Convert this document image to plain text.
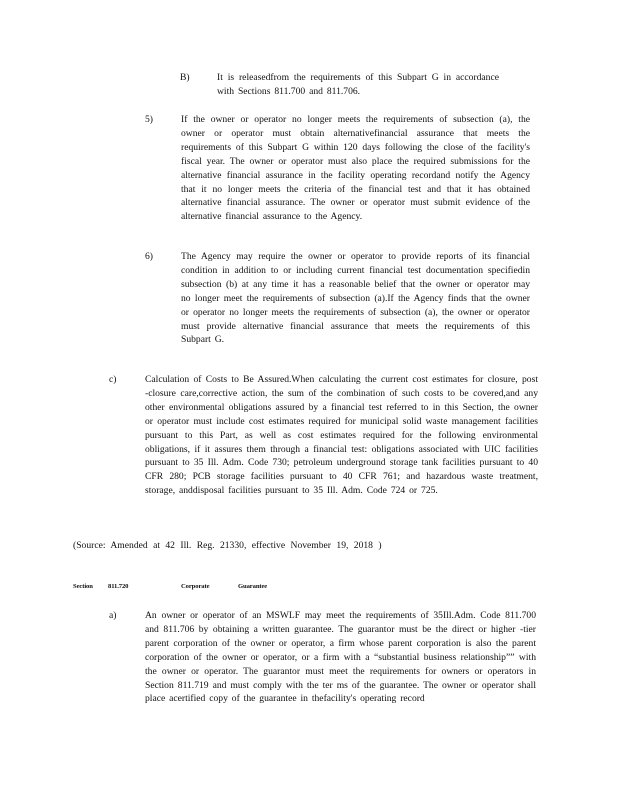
B)	It is releasedfrom the requirements of this Subpart G in accordance with Sections 811.700 and 811.706.

5)	If the owner or operator no longer meets the requirements of subsection (a), the owner or operator must obtain alternativefinancial assurance that meets the requirements of this Subpart G within 120 days following the close of the facility's fiscal year. The owner or operator must also place the required submissions for the alternative financial assurance in the facility operating recordand notify the Agency that it no longer meets the criteria of the financial test and that it has obtained alternative financial assurance. The owner or operator must submit evidence of the alternative financial assurance to the Agency.

6)	The Agency may require the owner or operator to provide reports of its financial condition in addition to or including current financial test documentation specifiedin subsection (b) at any time it has a reasonable belief that the owner or operator may no longer meet the requirements of subsection (a).If the Agency finds that the owner or operator no longer meets the requirements of subsection (a), the owner or operator must provide alternative financial assurance that meets the requirements of this Subpart G.

c)	Calculation of Costs to Be Assured.When calculating the current cost estimates for closure, post -closure care,corrective action, the sum of the combination of such costs to be covered,and any other environmental obligations assured by a financial test referred to in this Section, the owner or operator must include cost estimates required for municipal solid waste management facilities pursuant to this Part, as well as cost estimates required for the following environmental obligations, if it assures them through a financial test: obligations associated with UIC facilities pursuant to 35 Ill. Adm. Code 730; petroleum underground storage tank facilities pursuant to 40 CFR 280; PCB storage facilities pursuant to 40 CFR 761; and hazardous waste treatment, storage, anddisposal facilities pursuant to 35 Ill. Adm. Code 724 or 725.

(Source: Amended at 42 Ill. Reg. 21330, effective November 19, 2018 )
Section 811.720	Corporate	Guarantee
a)	An owner or operator of an MSWLF may meet the requirements of 35Ill.Adm. Code 811.700 and 811.706 by obtaining a written guarantee. The guarantor must be the direct or higher -tier parent corporation of the owner or operator, a firm whose parent corporation is also the parent corporation of the owner or operator, or a firm with a “substantial business relationship”” with the owner or operator. The guarantor must meet the requirements for owners or operators in Section 811.719 and must comply with the ter ms of the guarantee. The owner or operator shall place acertified copy of the guarantee in thefacility's operating record
